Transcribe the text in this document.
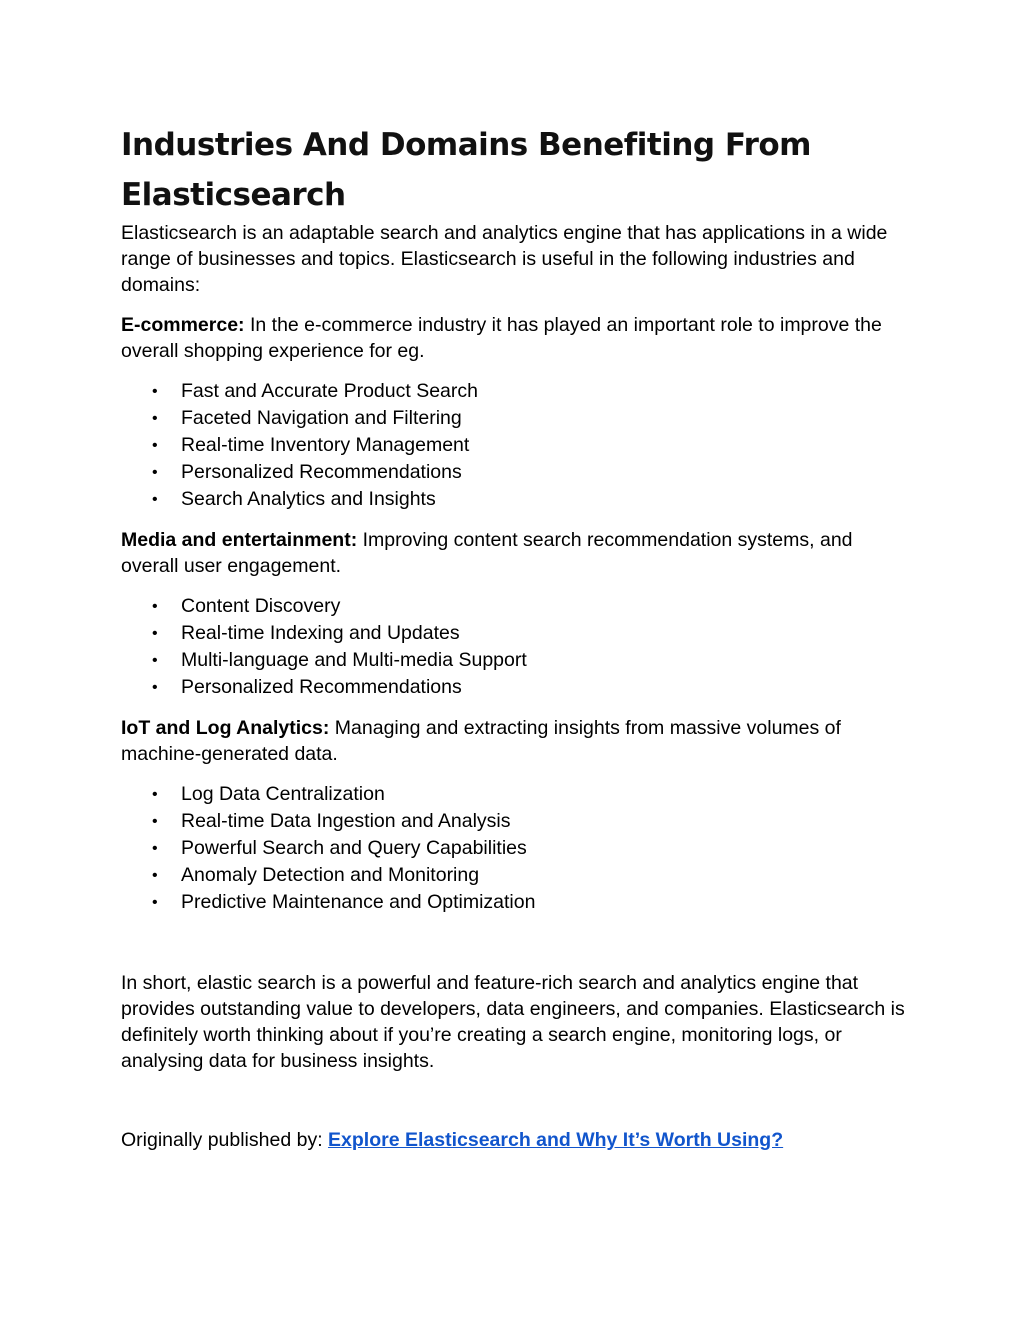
Industries And Domains Benefiting From Elasticsearch

Elasticsearch is an adaptable search and analytics engine that has applications in a wide range of businesses and topics. Elasticsearch is useful in the following industries and domains:

E-commerce: In the e-commerce industry it has played an important role to improve the overall shopping experience for eg.

• Fast and Accurate Product Search
• Faceted Navigation and Filtering
• Real-time Inventory Management
• Personalized Recommendations
• Search Analytics and Insights

Media and entertainment: Improving content search recommendation systems, and overall user engagement.

• Content Discovery
• Real-time Indexing and Updates
• Multi-language and Multi-media Support
• Personalized Recommendations

IoT and Log Analytics: Managing and extracting insights from massive volumes of machine-generated data.

• Log Data Centralization
• Real-time Data Ingestion and Analysis
• Powerful Search and Query Capabilities
• Anomaly Detection and Monitoring
• Predictive Maintenance and Optimization

In short, elastic search is a powerful and feature-rich search and analytics engine that provides outstanding value to developers, data engineers, and companies. Elasticsearch is definitely worth thinking about if you’re creating a search engine, monitoring logs, or analysing data for business insights.

Originally published by: Explore Elasticsearch and Why It’s Worth Using?
